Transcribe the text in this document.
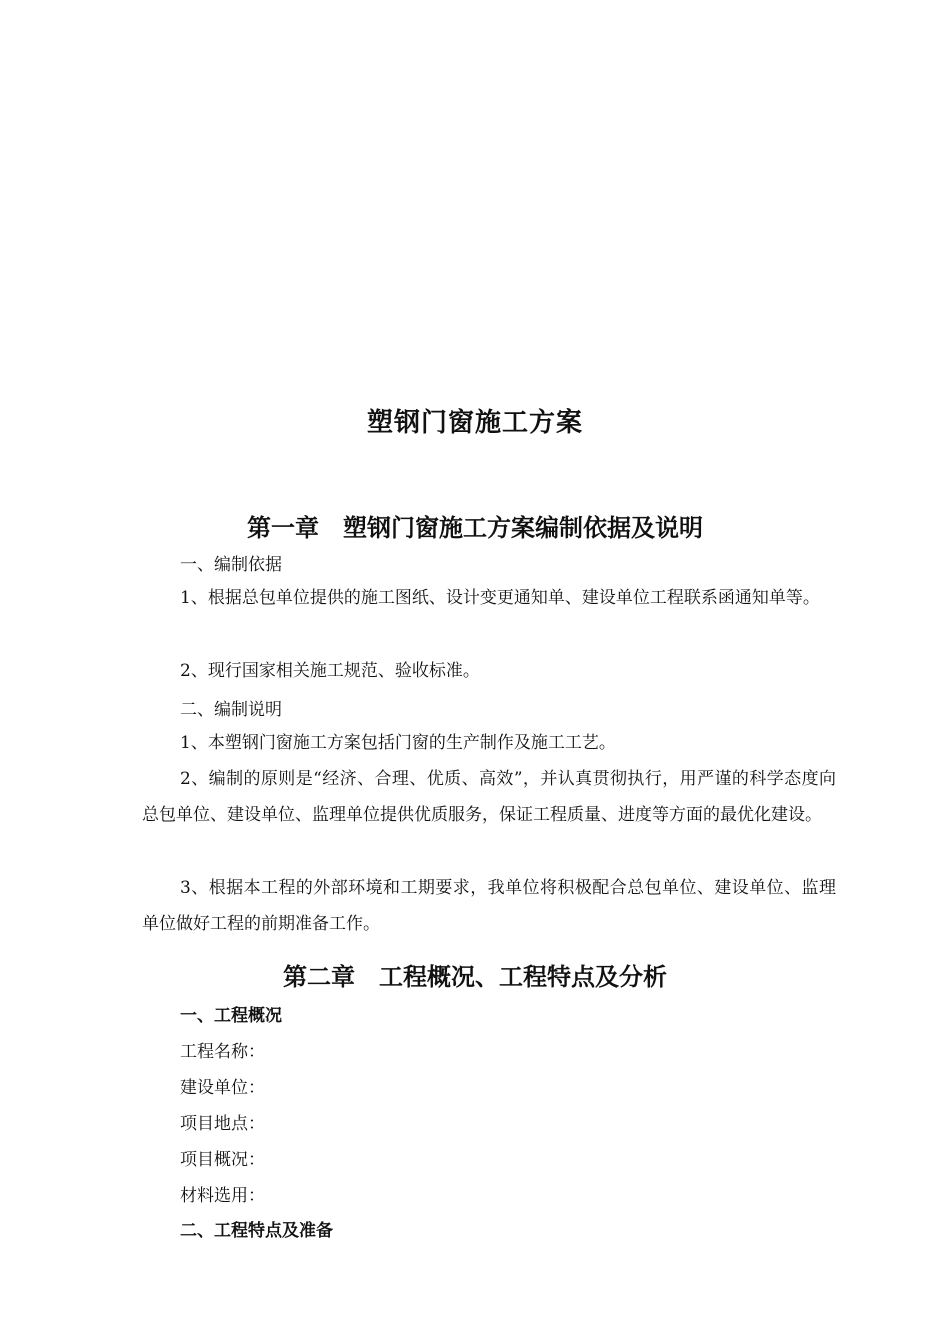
塑钢门窗施工方案
第一章　塑钢门窗施工方案编制依据及说明
一、编制依据
1、根据总包单位提供的施工图纸、设计变更通知单、建设单位工程联系函通知单等。
2、现行国家相关施工规范、验收标准。
二、编制说明
1、本塑钢门窗施工方案包括门窗的生产制作及施工工艺。
2、编制的原则是“经济、合理、优质、高效”，并认真贯彻执行，用严谨的科学态度向总包单位、建设单位、监理单位提供优质服务，保证工程质量、进度等方面的最优化建设。
3、根据本工程的外部环境和工期要求，我单位将积极配合总包单位、建设单位、监理单位做好工程的前期准备工作。
第二章　工程概况、工程特点及分析
一、工程概况
工程名称：
建设单位：
项目地点：
项目概况：
材料选用：
二、工程特点及准备
